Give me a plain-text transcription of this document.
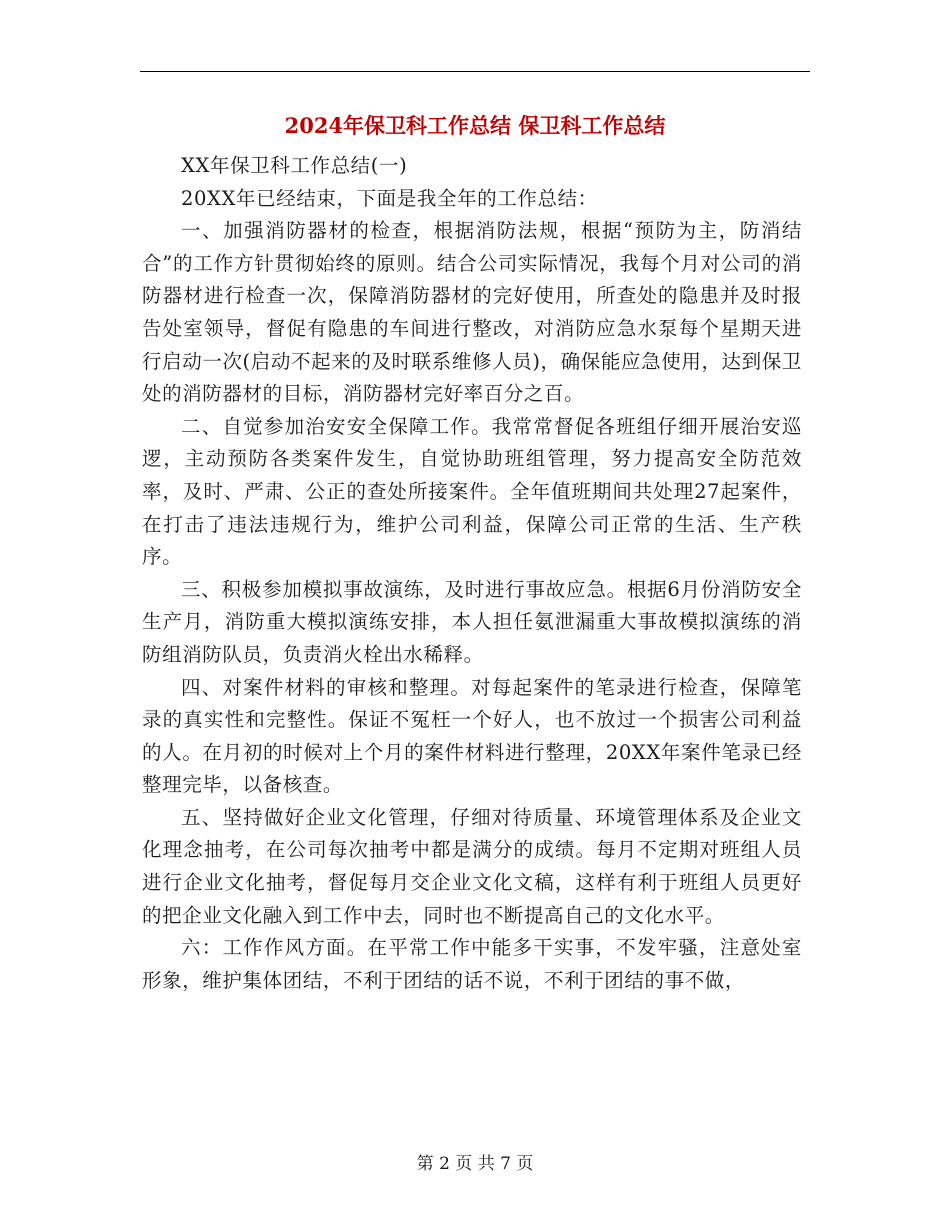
2024年保卫科工作总结 保卫科工作总结

XX年保卫科工作总结(一)

20XX年已经结束，下面是我全年的工作总结：

一、加强消防器材的检查，根据消防法规，根据“预防为主，防消结合”的工作方针贯彻始终的原则。结合公司实际情况，我每个月对公司的消防器材进行检查一次，保障消防器材的完好使用，所查处的隐患并及时报告处室领导，督促有隐患的车间进行整改，对消防应急水泵每个星期天进行启动一次(启动不起来的及时联系维修人员)，确保能应急使用，达到保卫处的消防器材的目标，消防器材完好率百分之百。

二、自觉参加治安安全保障工作。我常常督促各班组仔细开展治安巡逻，主动预防各类案件发生，自觉协助班组管理，努力提高安全防范效率，及时、严肃、公正的查处所接案件。全年值班期间共处理27起案件，在打击了违法违规行为，维护公司利益，保障公司正常的生活、生产秩序。

三、积极参加模拟事故演练，及时进行事故应急。根据6月份消防安全生产月，消防重大模拟演练安排，本人担任氨泄漏重大事故模拟演练的消防组消防队员，负责消火栓出水稀释。

四、对案件材料的审核和整理。对每起案件的笔录进行检查，保障笔录的真实性和完整性。保证不冤枉一个好人，也不放过一个损害公司利益的人。在月初的时候对上个月的案件材料进行整理，20XX年案件笔录已经整理完毕，以备核查。

五、坚持做好企业文化管理，仔细对待质量、环境管理体系及企业文化理念抽考，在公司每次抽考中都是满分的成绩。每月不定期对班组人员进行企业文化抽考，督促每月交企业文化文稿，这样有利于班组人员更好的把企业文化融入到工作中去，同时也不断提高自己的文化水平。

六：工作作风方面。在平常工作中能多干实事，不发牢骚，注意处室形象，维护集体团结，不利于团结的话不说，不利于团结的事不做，

第 2 页 共 7 页
